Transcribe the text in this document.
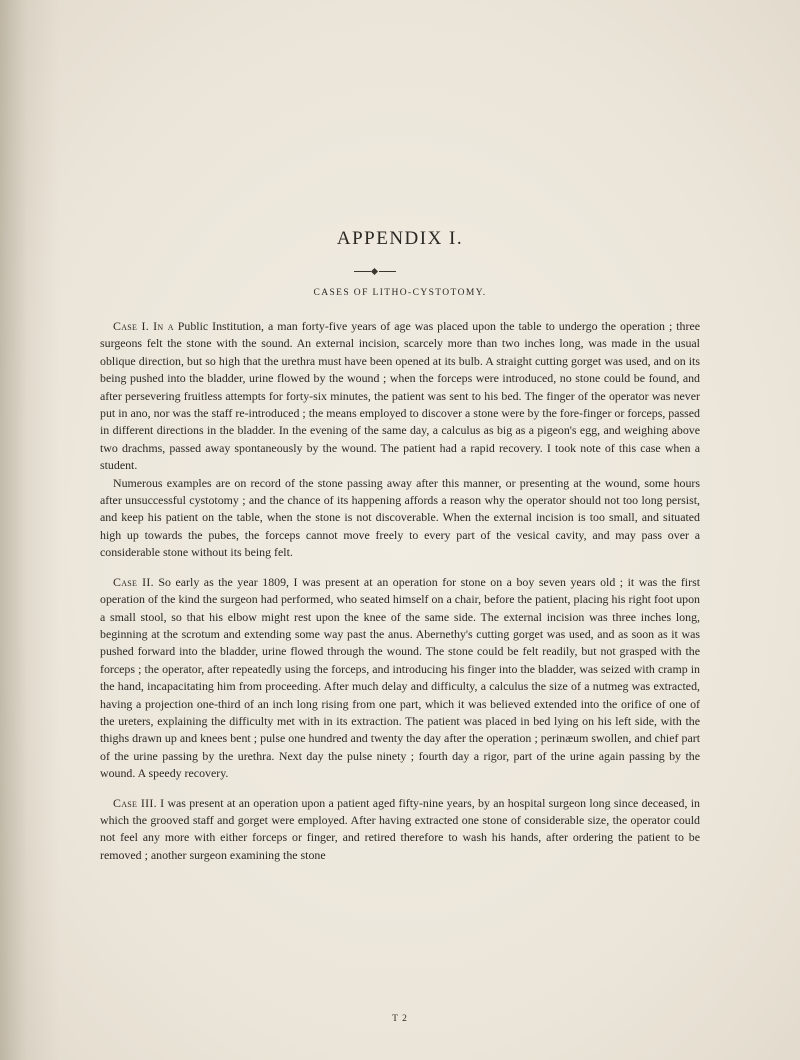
APPENDIX I.
CASES OF LITHO-CYSTOTOMY.

Case I. In a Public Institution, a man forty-five years of age was placed upon the table to undergo the operation ; three surgeons felt the stone with the sound. An external incision, scarcely more than two inches long, was made in the usual oblique direction, but so high that the urethra must have been opened at its bulb. A straight cutting gorget was used, and on its being pushed into the bladder, urine flowed by the wound ; when the forceps were introduced, no stone could be found, and after persevering fruitless attempts for forty-six minutes, the patient was sent to his bed. The finger of the operator was never put in ano, nor was the staff re-introduced ; the means employed to discover a stone were by the fore-finger or forceps, passed in different directions in the bladder. In the evening of the same day, a calculus as big as a pigeon's egg, and weighing above two drachms, passed away spontaneously by the wound. The patient had a rapid recovery. I took note of this case when a student.

Numerous examples are on record of the stone passing away after this manner, or presenting at the wound, some hours after unsuccessful cystotomy ; and the chance of its happening affords a reason why the operator should not too long persist, and keep his patient on the table, when the stone is not discoverable. When the external incision is too small, and situated high up towards the pubes, the forceps cannot move freely to every part of the vesical cavity, and may pass over a considerable stone without its being felt.

Case II. So early as the year 1809, I was present at an operation for stone on a boy seven years old ; it was the first operation of the kind the surgeon had performed, who seated himself on a chair, before the patient, placing his right foot upon a small stool, so that his elbow might rest upon the knee of the same side. The external incision was three inches long, beginning at the scrotum and extending some way past the anus. Abernethy's cutting gorget was used, and as soon as it was pushed forward into the bladder, urine flowed through the wound. The stone could be felt readily, but not grasped with the forceps ; the operator, after repeatedly using the forceps, and introducing his finger into the bladder, was seized with cramp in the hand, incapacitating him from proceeding. After much delay and difficulty, a calculus the size of a nutmeg was extracted, having a projection one-third of an inch long rising from one part, which it was believed extended into the orifice of one of the ureters, explaining the difficulty met with in its extraction. The patient was placed in bed lying on his left side, with the thighs drawn up and knees bent ; pulse one hundred and twenty the day after the operation ; perinæum swollen, and chief part of the urine passing by the urethra. Next day the pulse ninety ; fourth day a rigor, part of the urine again passing by the wound. A speedy recovery.

Case III. I was present at an operation upon a patient aged fifty-nine years, by an hospital surgeon long since deceased, in which the grooved staff and gorget were employed. After having extracted one stone of considerable size, the operator could not feel any more with either forceps or finger, and retired therefore to wash his hands, after ordering the patient to be removed ; another surgeon examining the stone

T 2
